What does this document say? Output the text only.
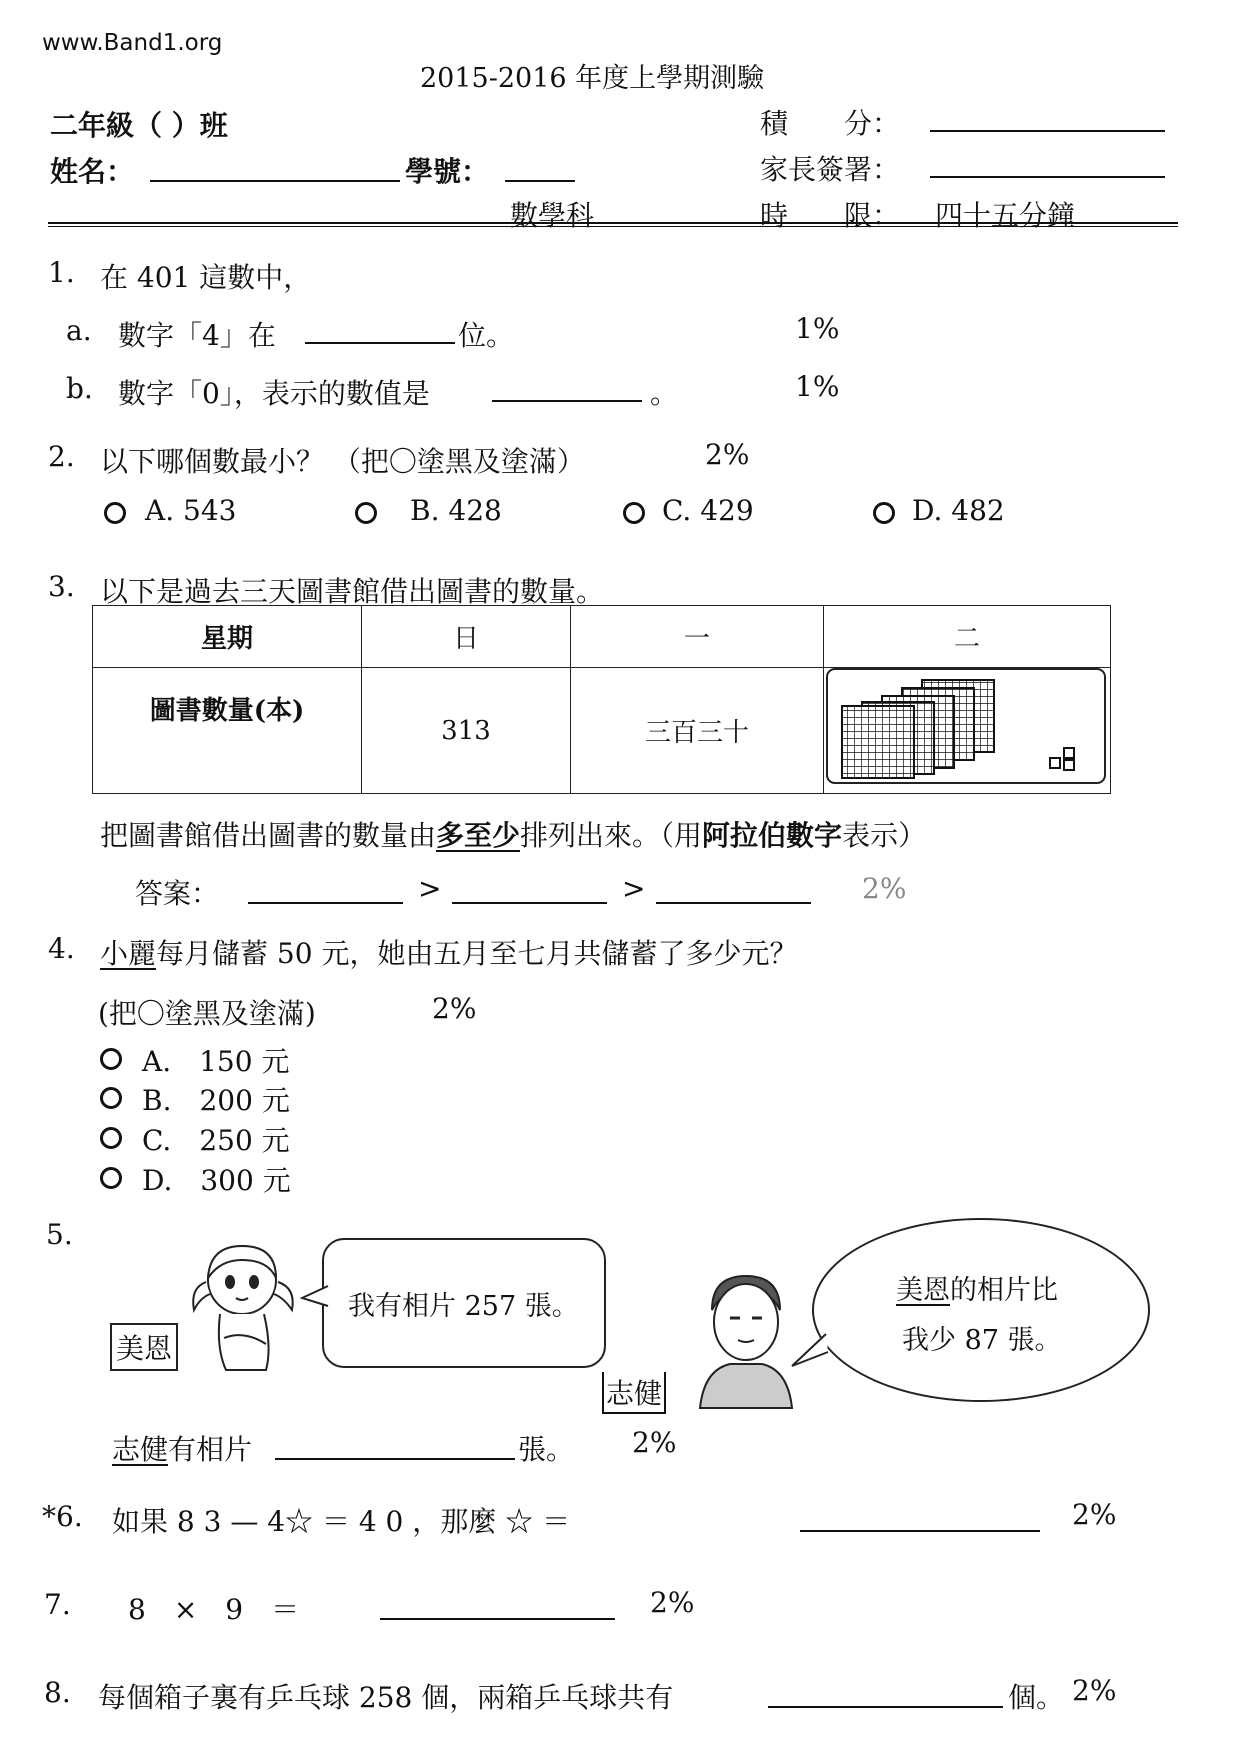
www.Band1.org
2015-2016 年度上學期測驗
二年級（ ）班
姓名：	學號：
數學科
積　　分：
家長簽署：
時　　限： 四十五分鐘
1. 在 401 這數中，
a. 數字「4」在	位。	1%
b. 數字「0」，表示的數值是	。	1%
2. 以下哪個數最小？ （把〇塗黑及塗滿）	2%
A. 543	B. 428	C. 429	D. 482
3. 以下是過去三天圖書館借出圖書的數量。
星期	日	一	二
圖書數量(本)	313	三百三十	
把圖書館借出圖書的數量由多至少排列出來。（用阿拉伯數字表示）
答案：	>	>	2%
4. 小麗每月儲蓄 50 元，她由五月至七月共儲蓄了多少元？
(把〇塗黑及塗滿)	2%
A.　150 元
B.　200 元
C.　250 元
D.　300 元
5.
美恩
我有相片 257 張。
志健
美恩的相片比
我少 87 張。
志健有相片	張。 2%
*6. 如果 8 3 — 4☆ ＝ 4 0 ，那麼 ☆ ＝	2%
7. 8　×　9　＝	2%
8. 每個箱子裏有乒乓球 258 個，兩箱乒乓球共有	個。 2%
